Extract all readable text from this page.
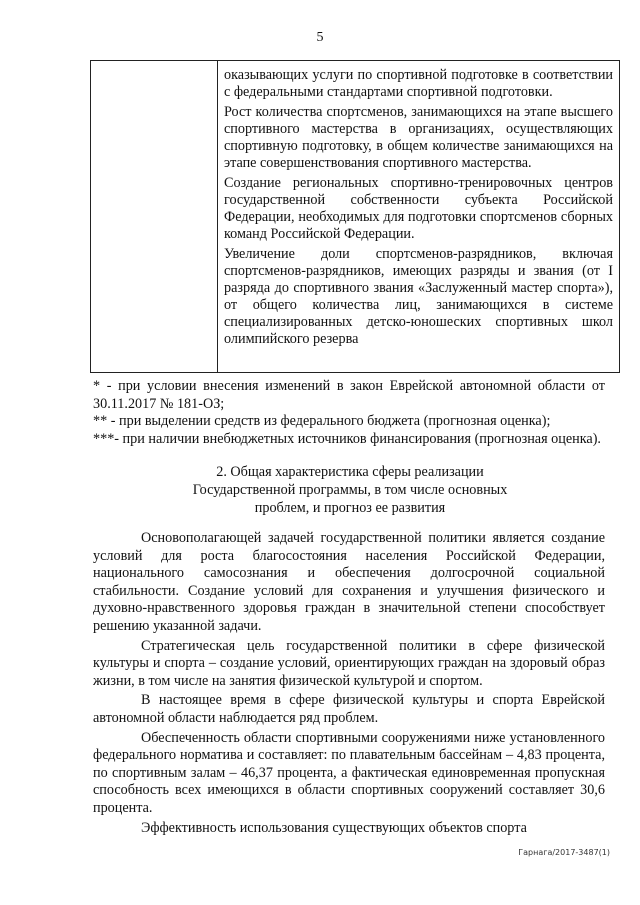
5

оказывающих услуги по спортивной подготовке в соответствии с федеральными стандартами спортивной подготовки.

Рост количества спортсменов, занимающихся на этапе высшего спортивного мастерства в организациях, осуществляющих спортивную подготовку, в общем количестве занимающихся на этапе совершенствования спортивного мастерства.

Создание региональных спортивно-тренировочных центров государственной собственности субъекта Российской Федерации, необходимых для подготовки спортсменов сборных команд Российской Федерации.

Увеличение доли спортсменов-разрядников, включая спортсменов-разрядников, имеющих разряды и звания (от I разряда до спортивного звания «Заслуженный мастер спорта»), от общего количества лиц, занимающихся в системе специализированных детско-юношеских спортивных школ олимпийского резерва

* - при условии внесения изменений в закон Еврейской автономной области от 30.11.2017 № 181-ОЗ;

** - при выделении средств из федерального бюджета (прогнозная оценка);

***- при наличии внебюджетных источников финансирования (прогнозная оценка).

2. Общая характеристика сферы реализации
Государственной программы, в том числе основных
проблем, и прогноз ее развития

Основополагающей задачей государственной политики является создание условий для роста благосостояния населения Российской Федерации, национального самосознания и обеспечения долгосрочной социальной стабильности. Создание условий для сохранения и улучшения физического и духовно-нравственного здоровья граждан в значительной степени способствует решению указанной задачи.

Стратегическая цель государственной политики в сфере физической культуры и спорта – создание условий, ориентирующих граждан на здоровый образ жизни, в том числе на занятия физической культурой и спортом.

В настоящее время в сфере физической культуры и спорта Еврейской автономной области наблюдается ряд проблем.

Обеспеченность области спортивными сооружениями ниже установленного федерального норматива и составляет: по плавательным бассейнам – 4,83 процента, по спортивным залам – 46,37 процента, а фактическая единовременная пропускная способность всех имеющихся в области спортивных сооружений составляет 30,6 процента.

Эффективность использования существующих объектов спорта

Гарнага/2017-3487(1)
